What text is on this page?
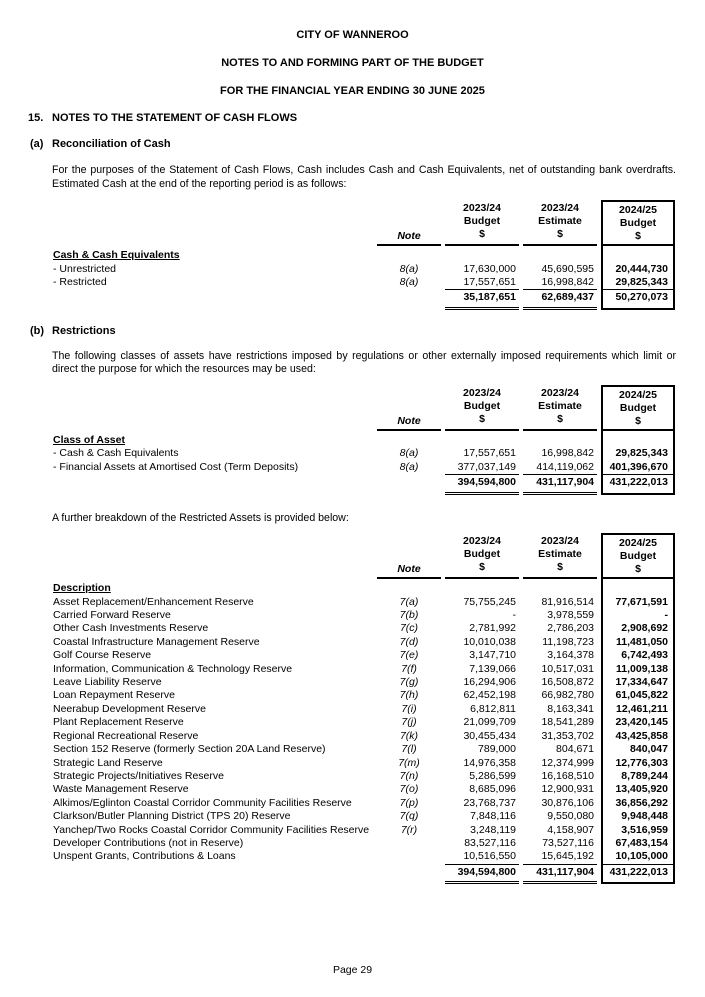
CITY OF WANNEROO
NOTES TO AND FORMING PART OF THE BUDGET
FOR THE FINANCIAL YEAR ENDING 30 JUNE 2025
15. NOTES TO THE STATEMENT OF CASH FLOWS
(a) Reconciliation of Cash
For the purposes of the Statement of Cash Flows, Cash includes Cash and Cash Equivalents, net of outstanding bank overdrafts. Estimated Cash at the end of the reporting period is as follows:
Note
2023/24
Budget
$
2023/24
Estimate
$
2024/25
Budget
$
Cash & Cash Equivalents
- Unrestricted	8(a)	17,630,000	45,690,595	20,444,730
- Restricted	8(a)	17,557,651	16,998,842	29,825,343
35,187,651	62,689,437	50,270,073
(b) Restrictions
The following classes of assets have restrictions imposed by regulations or other externally imposed requirements which limit or direct the purpose for which the resources may be used:
Note
2023/24
Budget
$
2023/24
Estimate
$
2024/25
Budget
$
Class of Asset
- Cash & Cash Equivalents	8(a)	17,557,651	16,998,842	29,825,343
- Financial Assets at Amortised Cost (Term Deposits)	8(a)	377,037,149	414,119,062	401,396,670
394,594,800	431,117,904	431,222,013
A further breakdown of the Restricted Assets is provided below:
Note
2023/24
Budget
$
2023/24
Estimate
$
2024/25
Budget
$
Description
Asset Replacement/Enhancement Reserve	7(a)	75,755,245	81,916,514	77,671,591
Carried Forward Reserve	7(b)	-	3,978,559	-
Other Cash Investments Reserve	7(c)	2,781,992	2,786,203	2,908,692
Coastal Infrastructure Management Reserve	7(d)	10,010,038	11,198,723	11,481,050
Golf Course Reserve	7(e)	3,147,710	3,164,378	6,742,493
Information, Communication & Technology Reserve	7(f)	7,139,066	10,517,031	11,009,138
Leave Liability Reserve	7(g)	16,294,906	16,508,872	17,334,647
Loan Repayment Reserve	7(h)	62,452,198	66,982,780	61,045,822
Neerabup Development Reserve	7(i)	6,812,811	8,163,341	12,461,211
Plant Replacement Reserve	7(j)	21,099,709	18,541,289	23,420,145
Regional Recreational Reserve	7(k)	30,455,434	31,353,702	43,425,858
Section 152 Reserve (formerly Section 20A Land Reserve)	7(l)	789,000	804,671	840,047
Strategic Land Reserve	7(m)	14,976,358	12,374,999	12,776,303
Strategic Projects/Initiatives Reserve	7(n)	5,286,599	16,168,510	8,789,244
Waste Management Reserve	7(o)	8,685,096	12,900,931	13,405,920
Alkimos/Eglinton Coastal Corridor Community Facilities Reserve	7(p)	23,768,737	30,876,106	36,856,292
Clarkson/Butler Planning District (TPS 20) Reserve	7(q)	7,848,116	9,550,080	9,948,448
Yanchep/Two Rocks Coastal Corridor Community Facilities Reserve	7(r)	3,248,119	4,158,907	3,516,959
Developer Contributions (not in Reserve)	83,527,116	73,527,116	67,483,154
Unspent Grants, Contributions & Loans	10,516,550	15,645,192	10,105,000
394,594,800	431,117,904	431,222,013
Page 29
